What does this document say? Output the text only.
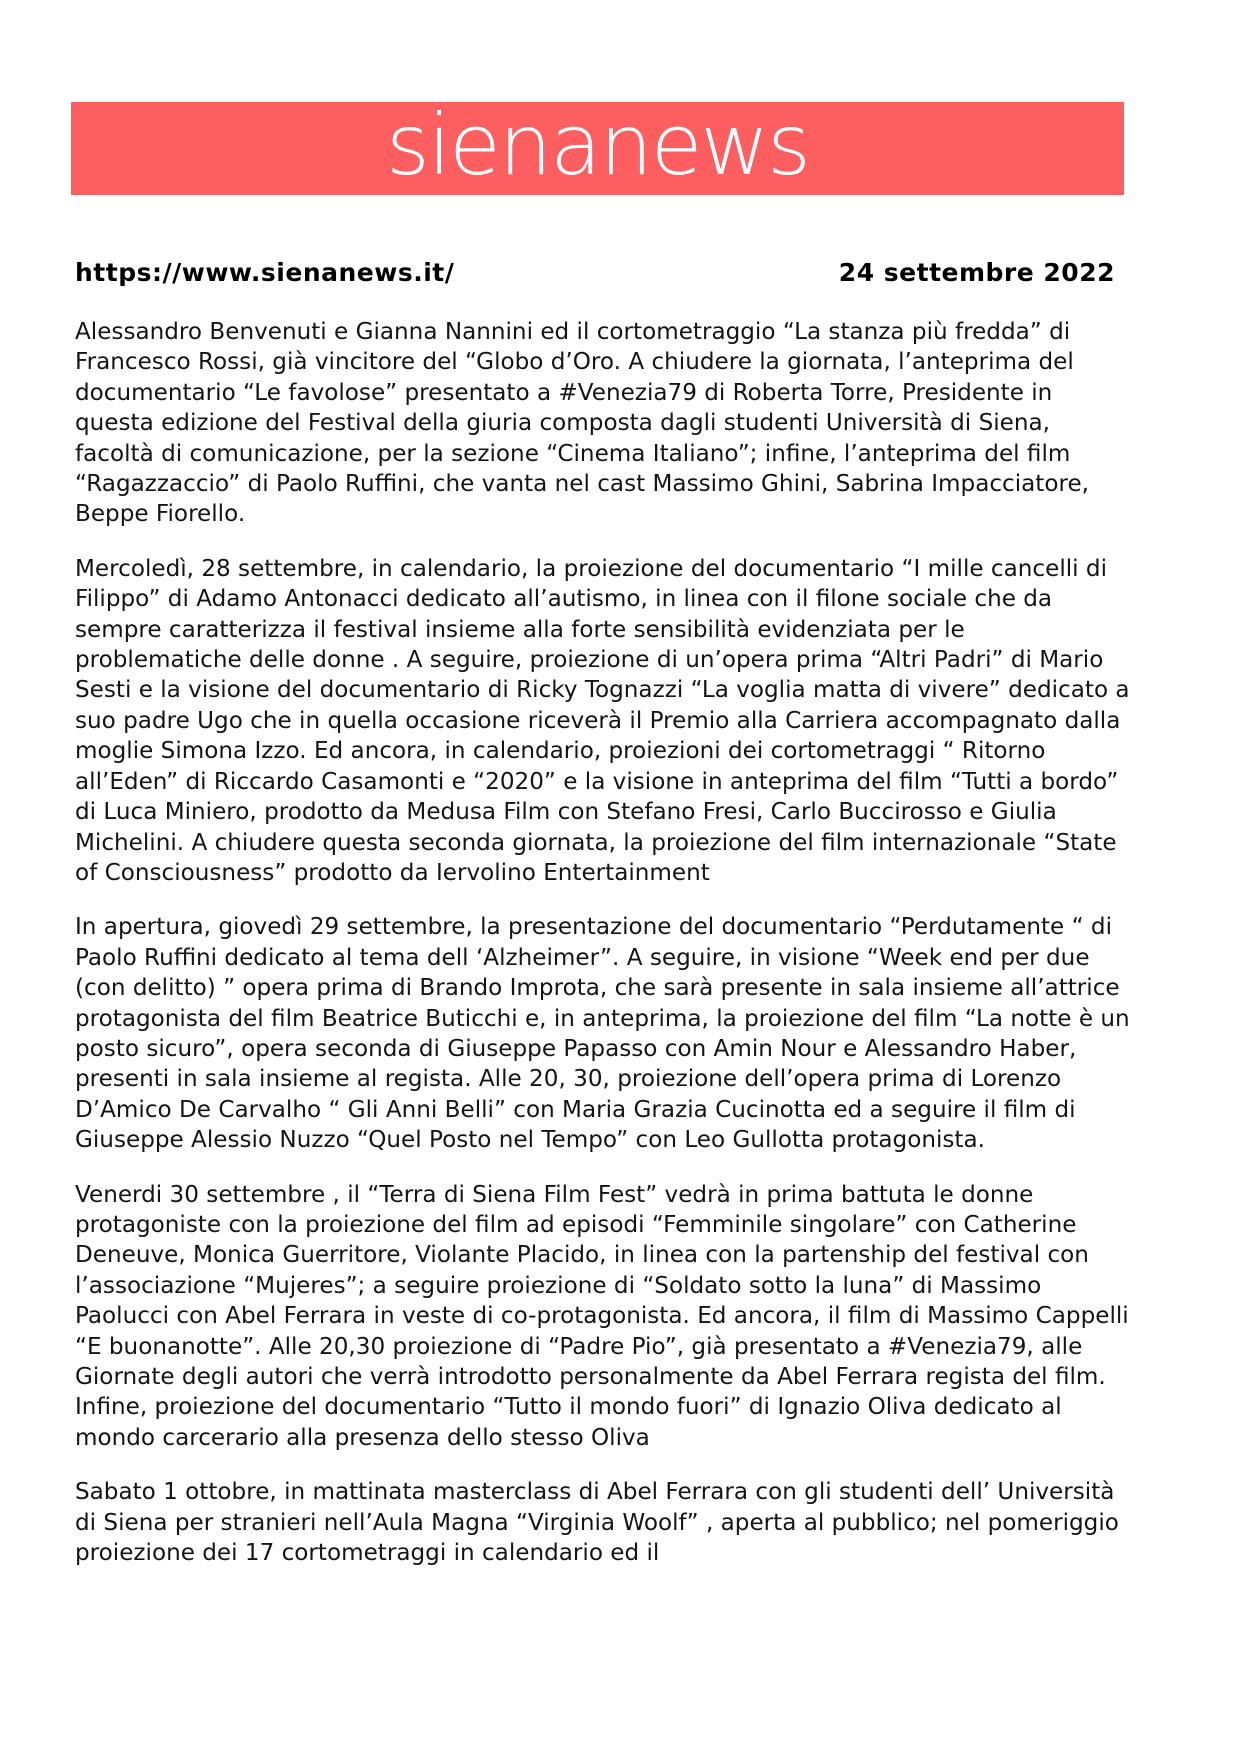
sienanews
https://www.sienanews.it/	24 settembre 2022

Alessandro Benvenuti e Gianna Nannini ed il cortometraggio “La stanza più fredda” di Francesco Rossi, già vincitore del “Globo d’Oro. A chiudere la giornata, l’anteprima del documentario “Le favolose” presentato a #Venezia79 di Roberta Torre, Presidente in questa edizione del Festival della giuria composta dagli studenti Università di Siena, facoltà di comunicazione, per la sezione “Cinema Italiano”; infine, l’anteprima del film “Ragazzaccio” di Paolo Ruffini, che vanta nel cast Massimo Ghini, Sabrina Impacciatore, Beppe Fiorello.

Mercoledì, 28 settembre, in calendario, la proiezione del documentario “I mille cancelli di Filippo” di Adamo Antonacci dedicato all’autismo, in linea con il filone sociale che da sempre caratterizza il festival insieme alla forte sensibilità evidenziata per le problematiche delle donne . A seguire, proiezione di un’opera prima “Altri Padri” di Mario Sesti e la visione del documentario di Ricky Tognazzi “La voglia matta di vivere” dedicato a suo padre Ugo che in quella occasione riceverà il Premio alla Carriera accompagnato dalla moglie Simona Izzo. Ed ancora, in calendario, proiezioni dei cortometraggi “ Ritorno all’Eden” di Riccardo Casamonti e “2020” e la visione in anteprima del film “Tutti a bordo” di Luca Miniero, prodotto da Medusa Film con Stefano Fresi, Carlo Buccirosso e Giulia Michelini. A chiudere questa seconda giornata, la proiezione del film internazionale “State of Consciousness” prodotto da Iervolino Entertainment

In apertura, giovedì 29 settembre, la presentazione del documentario “Perdutamente “ di Paolo Ruffini dedicato al tema dell ‘Alzheimer”. A seguire, in visione “Week end per due (con delitto) ” opera prima di Brando Improta, che sarà presente in sala insieme all’attrice protagonista del film Beatrice Buticchi e, in anteprima, la proiezione del film “La notte è un posto sicuro”, opera seconda di Giuseppe Papasso con Amin Nour e Alessandro Haber, presenti in sala insieme al regista. Alle 20, 30, proiezione dell’opera prima di Lorenzo D’Amico De Carvalho “ Gli Anni Belli” con Maria Grazia Cucinotta ed a seguire il film di Giuseppe Alessio Nuzzo “Quel Posto nel Tempo” con Leo Gullotta protagonista.

Venerdi 30 settembre , il “Terra di Siena Film Fest” vedrà in prima battuta le donne protagoniste con la proiezione del film ad episodi “Femminile singolare” con Catherine Deneuve, Monica Guerritore, Violante Placido, in linea con la partenship del festival con l’associazione “Mujeres”; a seguire proiezione di “Soldato sotto la luna” di Massimo Paolucci con Abel Ferrara in veste di co-protagonista. Ed ancora, il film di Massimo Cappelli “E buonanotte”. Alle 20,30 proiezione di “Padre Pio”, già presentato a #Venezia79, alle Giornate degli autori che verrà introdotto personalmente da Abel Ferrara regista del film. Infine, proiezione del documentario “Tutto il mondo fuori” di Ignazio Oliva dedicato al mondo carcerario alla presenza dello stesso Oliva

Sabato 1 ottobre, in mattinata masterclass di Abel Ferrara con gli studenti dell’ Università di Siena per stranieri nell’Aula Magna “Virginia Woolf” , aperta al pubblico; nel pomeriggio proiezione dei 17 cortometraggi in calendario ed il
